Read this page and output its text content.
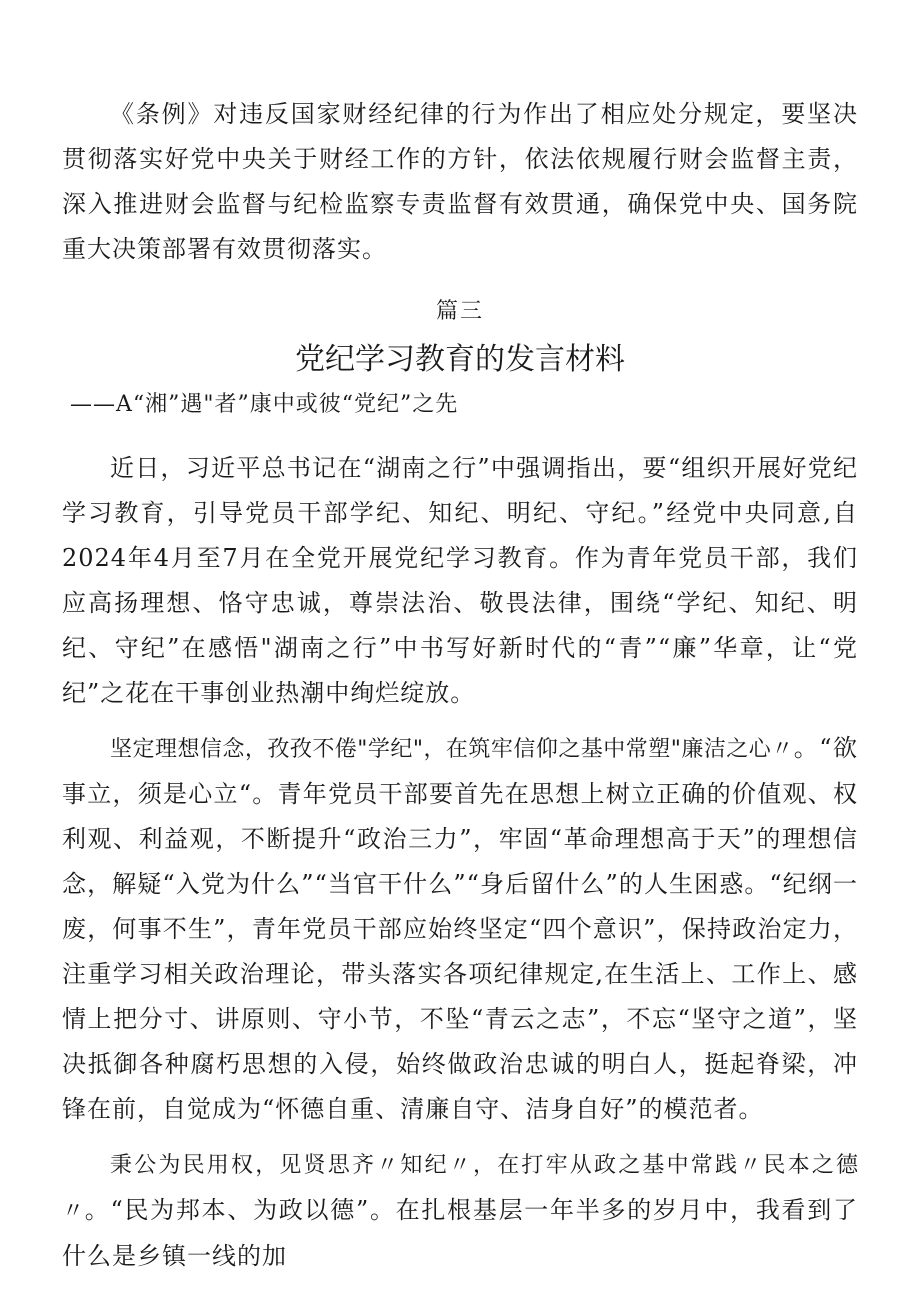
《条例》对违反国家财经纪律的行为作出了相应处分规定，要坚决贯彻落实好党中央关于财经工作的方针，依法依规履行财会监督主责，深入推进财会监督与纪检监察专责监督有效贯通，确保党中央、国务院重大决策部署有效贯彻落实。

篇三
党纪学习教育的发言材料
——A“湘”遇"者”康中或彼“党纪”之先

近日，习近平总书记在“湖南之行”中强调指出，要“组织开展好党纪学习教育，引导党员干部学纪、知纪、明纪、守纪。”经党中央同意,自2024年4月至7月在全党开展党纪学习教育。作为青年党员干部，我们应高扬理想、恪守忠诚，尊崇法治、敬畏法律，围绕“学纪、知纪、明纪、守纪”在感悟"湖南之行”中书写好新时代的“青”“廉”华章，让“党纪”之花在干事创业热潮中绚烂绽放。

坚定理想信念，孜孜不倦"学纪"，在筑牢信仰之基中常塑"廉洁之心〃。“欲事立，须是心立“。青年党员干部要首先在思想上树立正确的价值观、权利观、利益观，不断提升“政治三力”，牢固“革命理想高于天”的理想信念，解疑“入党为什么”“当官干什么”“身后留什么”的人生困惑。“纪纲一废，何事不生”，青年党员干部应始终坚定“四个意识”，保持政治定力，注重学习相关政治理论，带头落实各项纪律规定,在生活上、工作上、感情上把分寸、讲原则、守小节，不坠“青云之志”，不忘“坚守之道”，坚决抵御各种腐朽思想的入侵，始终做政治忠诚的明白人，挺起脊梁，冲锋在前，自觉成为“怀德自重、清廉自守、洁身自好”的模范者。

秉公为民用权，见贤思齐〃知纪〃，在打牢从政之基中常践〃民本之德〃。“民为邦本、为政以德”。在扎根基层一年半多的岁月中，我看到了什么是乡镇一线的加
